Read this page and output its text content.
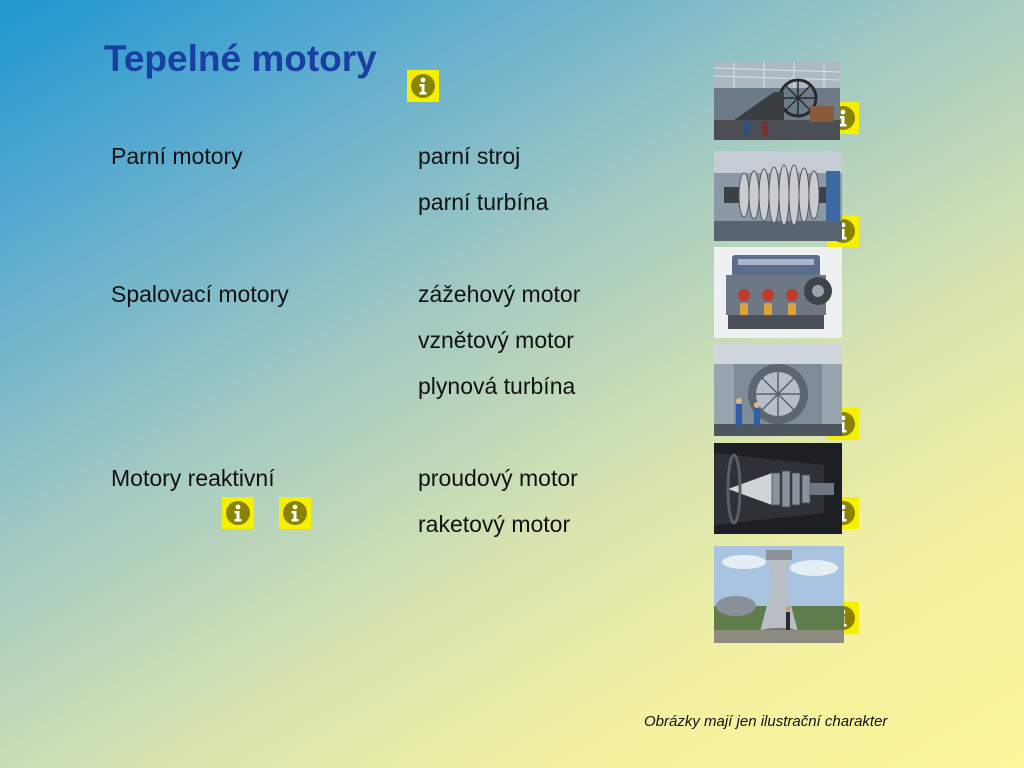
Tepelné motory
Parní motory
Spalovací motory
Motory reaktivní
parní stroj
parní turbína
zážehový motor
vznětový motor
plynová turbína
proudový motor
raketový motor
Obrázky mají jen ilustrační charakter
